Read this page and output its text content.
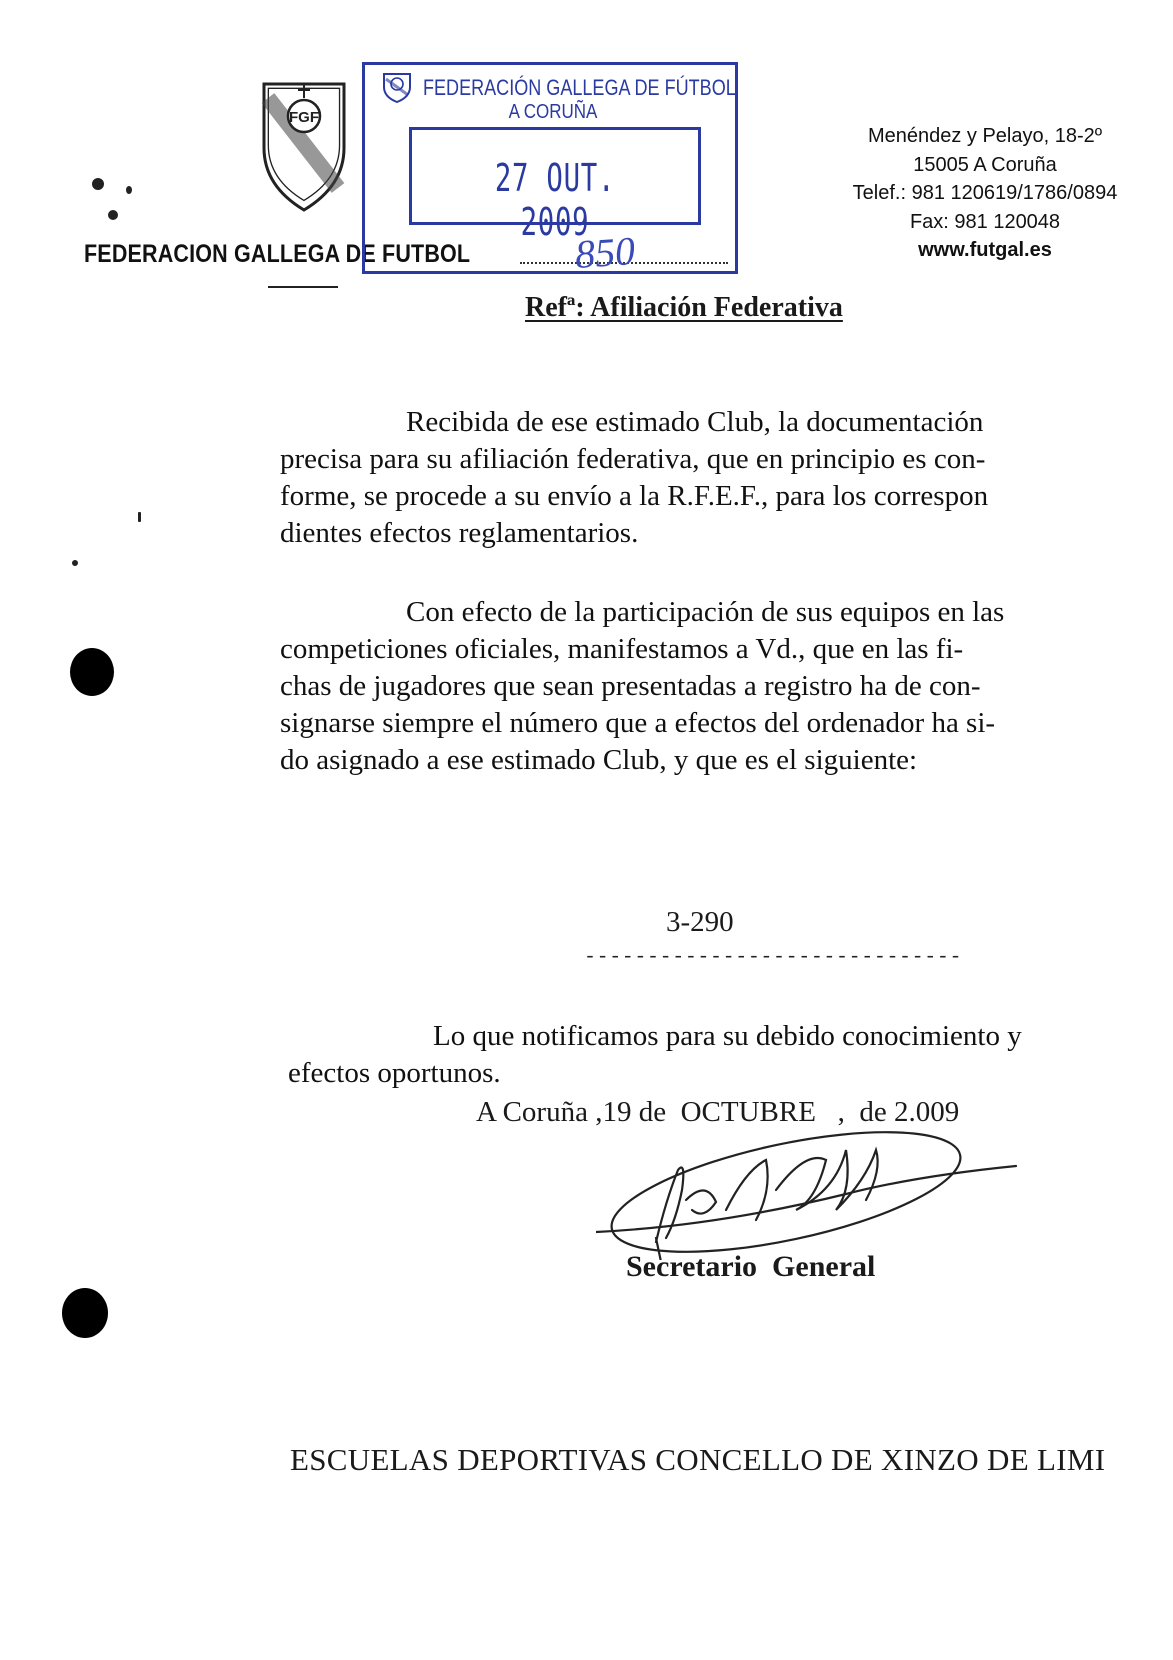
FGF
FEDERACION GALLEGA DE FUTBOL
FEDERACIÓN GALLEGA DE FÚTBOL
A CORUÑA
27 OUT. 2009
850
Menéndez y Pelayo, 18-2º
15005 A Coruña
Telef.: 981 120619/1786/0894
Fax: 981 120048
www.futgal.es
Refª: Afiliación Federativa
Recibida de ese estimado Club, la documentación
precisa para su afiliación federativa, que en principio es con-
forme, se procede a su envío a la R.F.E.F., para los correspon
dientes efectos reglamentarios.
Con efecto de la participación de sus equipos en las
competiciones oficiales, manifestamos a Vd., que en las fi-
chas de jugadores que sean presentadas a registro ha de con-
signarse siempre el número que a efectos del ordenador ha si-
do asignado a ese estimado Club, y que es el siguiente:
3-290
------------------------------
Lo que notificamos para su debido conocimiento y
efectos oportunos.
A Coruña ,19 de  OCTUBRE   ,  de 2.009
Secretario  General
ESCUELAS DEPORTIVAS CONCELLO DE XINZO DE LIMI
